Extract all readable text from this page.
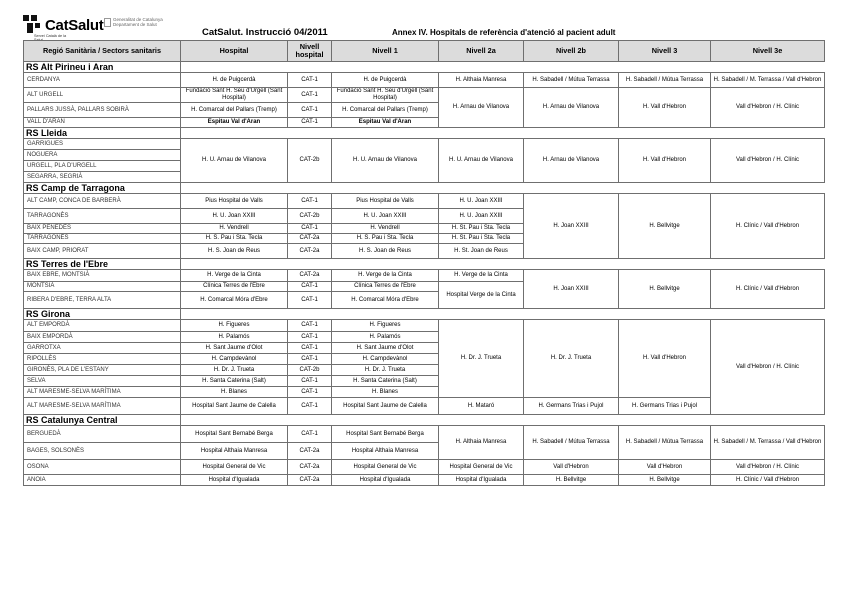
CatSalut Generalitat de Catalunya Departament de Salut
Servei Català de la	CatSalut. Instrucció 04/2011	Annex IV. Hospitals de referència d'atenció al pacient adult
Regió Sanitària / Sectors sanitaris	Hospital	Nivell hospital	Nivell 1	Nivell 2a	Nivell 2b	Nivell 3	Nivell 3e
RS Alt Pirineu i Aran							
CERDANYA	H. de Puigcerdà	CAT-1	H. de Puigcerdà	H. Althaia Manresa	H. Sabadell / Mútua Terrassa	H. Sabadell / Mútua Terrassa	H. Sabadell / M. Terrassa / Vall d'Hebron
ALT URGELL	Fundació Sant H. Seu d'Urgell (Sant Hospital)	CAT-1	Fundació Sant H. Seu d'Urgell (Sant Hospital)	H. Arnau de Vilanova	H. Arnau de Vilanova	H. Vall d'Hebron	Vall d'Hebron / H. Clínic
PALLARS JUSSÀ, PALLARS SOBIRÀ	H. Comarcal del Pallars (Tremp)	CAT-1	H. Comarcal del Pallars (Tremp)				
VALL D'ARAN	Espitau Val d'Aran	CAT-1	Espitau Val d'Aran				
RS Lleida							
GARRIGUES	H. U. Arnau de Vilanova	CAT-2b	H. U. Arnau de Vilanova	H. U. Arnau de Vilanova	H. Arnau de Vilanova	H. Vall d'Hebron	Vall d'Hebron / H. Clínic
NOGUERA							
URGELL, PLA D'URGELL							
SEGARRA, SEGRIÀ							
RS Camp de Tarragona							
ALT CAMP, CONCA DE BARBERÀ	Pius Hospital de Valls	CAT-1	Pius Hospital de Valls	H. U. Joan XXIII	H. Joan XXIII	H. Bellvitge	H. Clínic / Vall d'Hebron
TARRAGONÈS	H. U. Joan XXIII	CAT-2b	H. U. Joan XXIII	H. U. Joan XXIII			
BAIX PENEDÈS	H. Vendrell	CAT-1	H. Vendrell	H. St. Pau i Sta. Tecla			
TARRAGONÈS	H. S. Pau i Sta. Tecla	CAT-2a	H. S. Pau i Sta. Tecla	H. St. Pau i Sta. Tecla			
BAIX CAMP, PRIORAT	H. S. Joan de Reus	CAT-2a	H. S. Joan de Reus	H. St. Joan de Reus			
RS Terres de l'Ebre							
BAIX EBRE, MONTSIÀ	H. Verge de la Cinta	CAT-2a	H. Verge de la Cinta	H. Verge de la Cinta	H. Joan XXIII	H. Bellvitge	H. Clínic / Vall d'Hebron
MONTSIÀ	Clínica Terres de l'Ebre	CAT-1	Clínica Terres de l'Ebre	Hospital Verge de la Cinta			
RIBERA D'EBRE, TERRA ALTA	H. Comarcal Móra d'Ebre	CAT-1	H. Comarcal Móra d'Ebre				
RS Girona							
ALT EMPORDÀ	H. Figueres	CAT-1	H. Figueres	H. Dr. J. Trueta	H. Dr. J. Trueta	H. Vall d'Hebron	Vall d'Hebron / H. Clínic
BAIX EMPORDÀ	H. Palamós	CAT-1	H. Palamós				
GARROTXA	H. Sant Jaume d'Olot	CAT-1	H. Sant Jaume d'Olot				
RIPOLLÈS	H. Campdevànol	CAT-1	H. Campdevànol				
GIRONÈS, PLA DE L'ESTANY	H. Dr. J. Trueta	CAT-2b	H. Dr. J. Trueta				
SELVA	H. Santa Caterina (Salt)	CAT-1	H. Santa Caterina (Salt)				
ALT MARESME-SELVA MARÍTIMA	H. Blanes	CAT-1	H. Blanes				
ALT MARESME-SELVA MARÍTIMA	Hospital Sant Jaume de Calella	CAT-1	Hospital Sant Jaume de Calella	H. Mataró	H. Germans Trias i Pujol	H. Germans Trias i Pujol	
RS Catalunya Central							
BERGUEDÀ	Hospital Sant Bernabé Berga	CAT-1	Hospital Sant Bernabé Berga	H. Althaia Manresa	H. Sabadell / Mútua Terrassa	H. Sabadell / Mútua Terrassa	H. Sabadell / M. Terrassa / Vall d'Hebron
BAGES, SOLSONÈS	Hospital Althaia Manresa	CAT-2a	Hospital Althaia Manresa				
OSONA	Hospital General de Vic	CAT-2a	Hospital General de Vic	Hospital General de Vic	Vall d'Hebron	Vall d'Hebron	Vall d'Hebron / H. Clínic
ANOIA	Hospital d'Igualada	CAT-2a	Hospital d'Igualada	Hospital d'Igualada	H. Bellvitge	H. Bellvitge	H. Clínic / Vall d'Hebron
